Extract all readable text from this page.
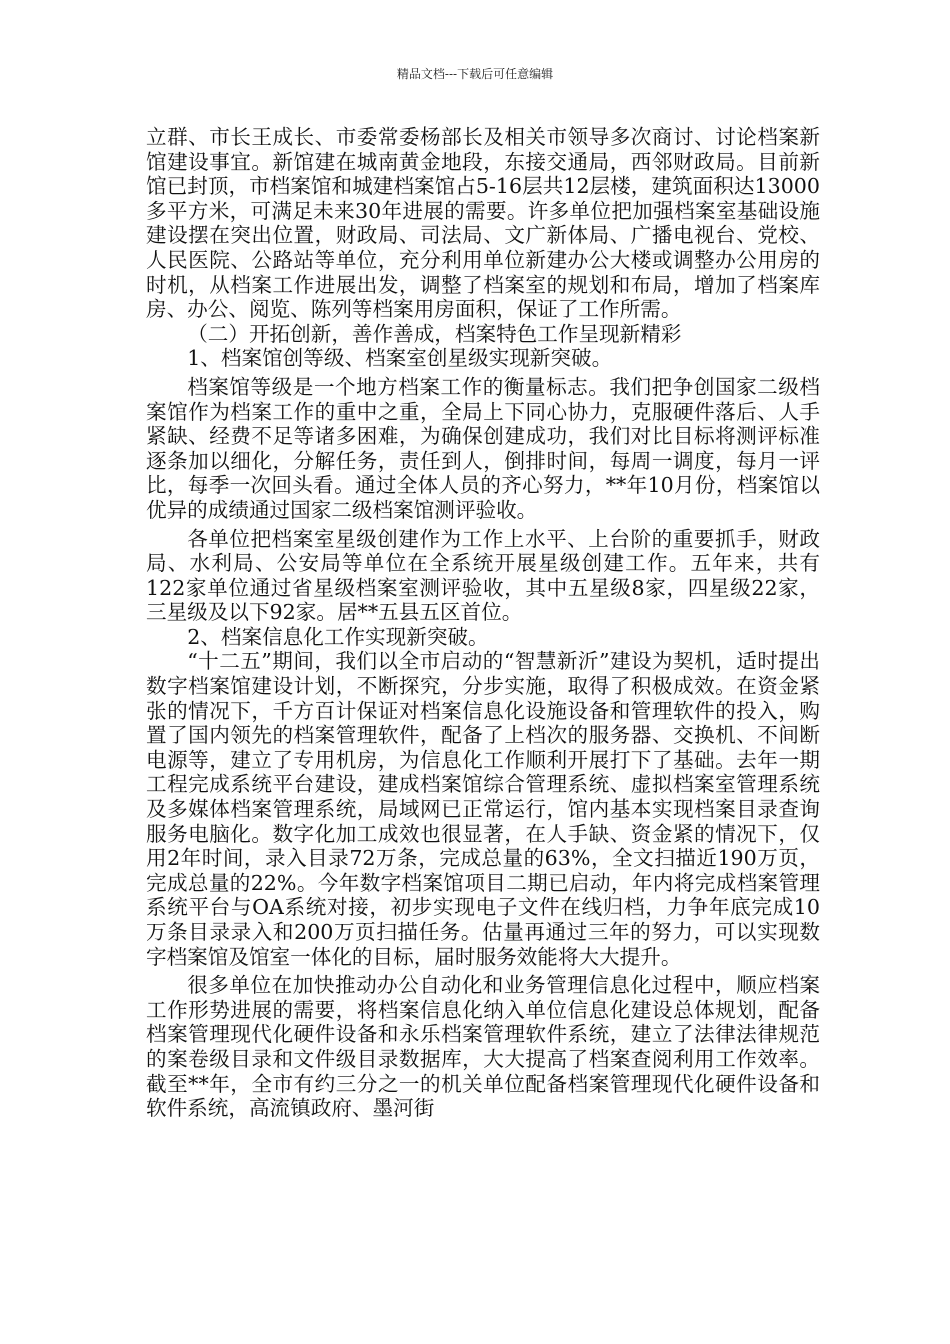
精品文档---下载后可任意编辑

立群、市长王成长、市委常委杨部长及相关市领导多次商讨、讨论档案新馆建设事宜。新馆建在城南黄金地段，东接交通局，西邻财政局。目前新馆已封顶，市档案馆和城建档案馆占5-16层共12层楼，建筑面积达13000多平方米，可满足未来30年进展的需要。许多单位把加强档案室基础设施建设摆在突出位置，财政局、司法局、文广新体局、广播电视台、党校、人民医院、公路站等单位，充分利用单位新建办公大楼或调整办公用房的时机，从档案工作进展出发，调整了档案室的规划和布局，增加了档案库房、办公、阅览、陈列等档案用房面积，保证了工作所需。

（二）开拓创新，善作善成，档案特色工作呈现新精彩

1、档案馆创等级、档案室创星级实现新突破。

档案馆等级是一个地方档案工作的衡量标志。我们把争创国家二级档案馆作为档案工作的重中之重，全局上下同心协力，克服硬件落后、人手紧缺、经费不足等诸多困难，为确保创建成功，我们对比目标将测评标准逐条加以细化，分解任务，责任到人，倒排时间，每周一调度，每月一评比，每季一次回头看。通过全体人员的齐心努力，**年10月份，档案馆以优异的成绩通过国家二级档案馆测评验收。

各单位把档案室星级创建作为工作上水平、上台阶的重要抓手，财政局、水利局、公安局等单位在全系统开展星级创建工作。五年来，共有122家单位通过省星级档案室测评验收，其中五星级8家，四星级22家，三星级及以下92家。居**五县五区首位。

2、档案信息化工作实现新突破。

“十二五”期间，我们以全市启动的“智慧新沂”建设为契机，适时提出数字档案馆建设计划，不断探究，分步实施，取得了积极成效。在资金紧张的情况下，千方百计保证对档案信息化设施设备和管理软件的投入，购置了国内领先的档案管理软件，配备了上档次的服务器、交换机、不间断电源等，建立了专用机房，为信息化工作顺利开展打下了基础。去年一期工程完成系统平台建设，建成档案馆综合管理系统、虚拟档案室管理系统及多媒体档案管理系统，局域网已正常运行，馆内基本实现档案目录查询服务电脑化。数字化加工成效也很显著，在人手缺、资金紧的情况下，仅用2年时间，录入目录72万条，完成总量的63%，全文扫描近190万页，完成总量的22%。今年数字档案馆项目二期已启动，年内将完成档案管理系统平台与OA系统对接，初步实现电子文件在线归档，力争年底完成10万条目录录入和200万页扫描任务。估量再通过三年的努力，可以实现数字档案馆及馆室一体化的目标，届时服务效能将大大提升。

很多单位在加快推动办公自动化和业务管理信息化过程中，顺应档案工作形势进展的需要，将档案信息化纳入单位信息化建设总体规划，配备档案管理现代化硬件设备和永乐档案管理软件系统，建立了法律法律规范的案卷级目录和文件级目录数据库，大大提高了档案查阅利用工作效率。截至**年，全市有约三分之一的机关单位配备档案管理现代化硬件设备和软件系统，高流镇政府、墨河街
